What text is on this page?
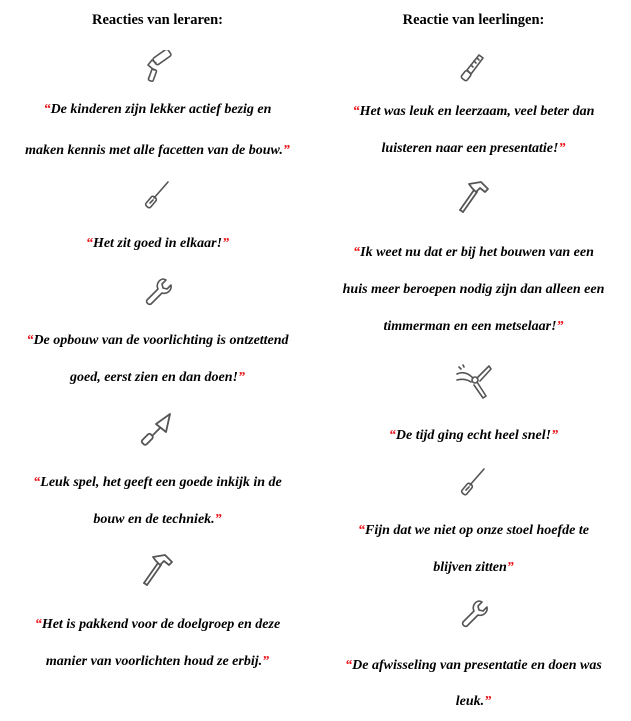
Reacties van leraren:
“De kinderen zijn lekker actief bezig en
maken kennis met alle facetten van de bouw.”
“Het zit goed in elkaar!”
“De opbouw van de voorlichting is ontzettend
goed, eerst zien en dan doen!”
“Leuk spel, het geeft een goede inkijk in de
bouw en de techniek.”
“Het is pakkend voor de doelgroep en deze
manier van voorlichten houd ze erbij.”
Reactie van leerlingen:
“Het was leuk en leerzaam, veel beter dan
luisteren naar een presentatie!”
“Ik weet nu dat er bij het bouwen van een
huis meer beroepen nodig zijn dan alleen een
timmerman en een metselaar!”
“De tijd ging echt heel snel!”
“Fijn dat we niet op onze stoel hoefde te
blijven zitten”
“De afwisseling van presentatie en doen was
leuk.”
